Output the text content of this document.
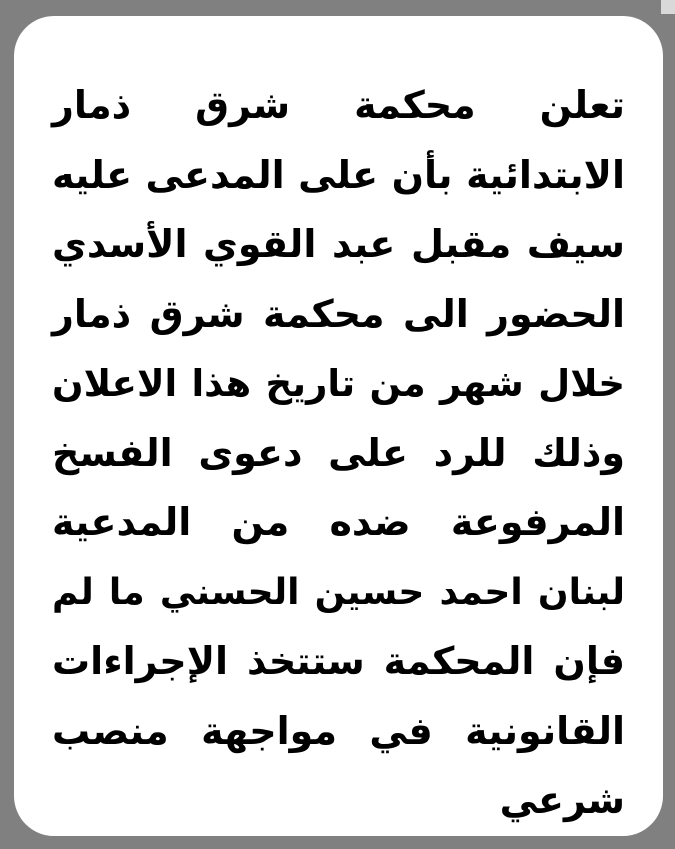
تعلن محكمة شرق ذمار
الابتدائية بأن على المدعى عليه
سيف مقبل عبد القوي الأسدي
الحضور الى محكمة شرق ذمار
خلال شهر من تاريخ هذا الاعلان
وذلك للرد على دعوى الفسخ
المرفوعة ضده من المدعية
لبنان احمد حسين الحسني ما لم
فإن المحكمة ستتخذ الإجراءات
القانونية في مواجهة منصب
شرعي
